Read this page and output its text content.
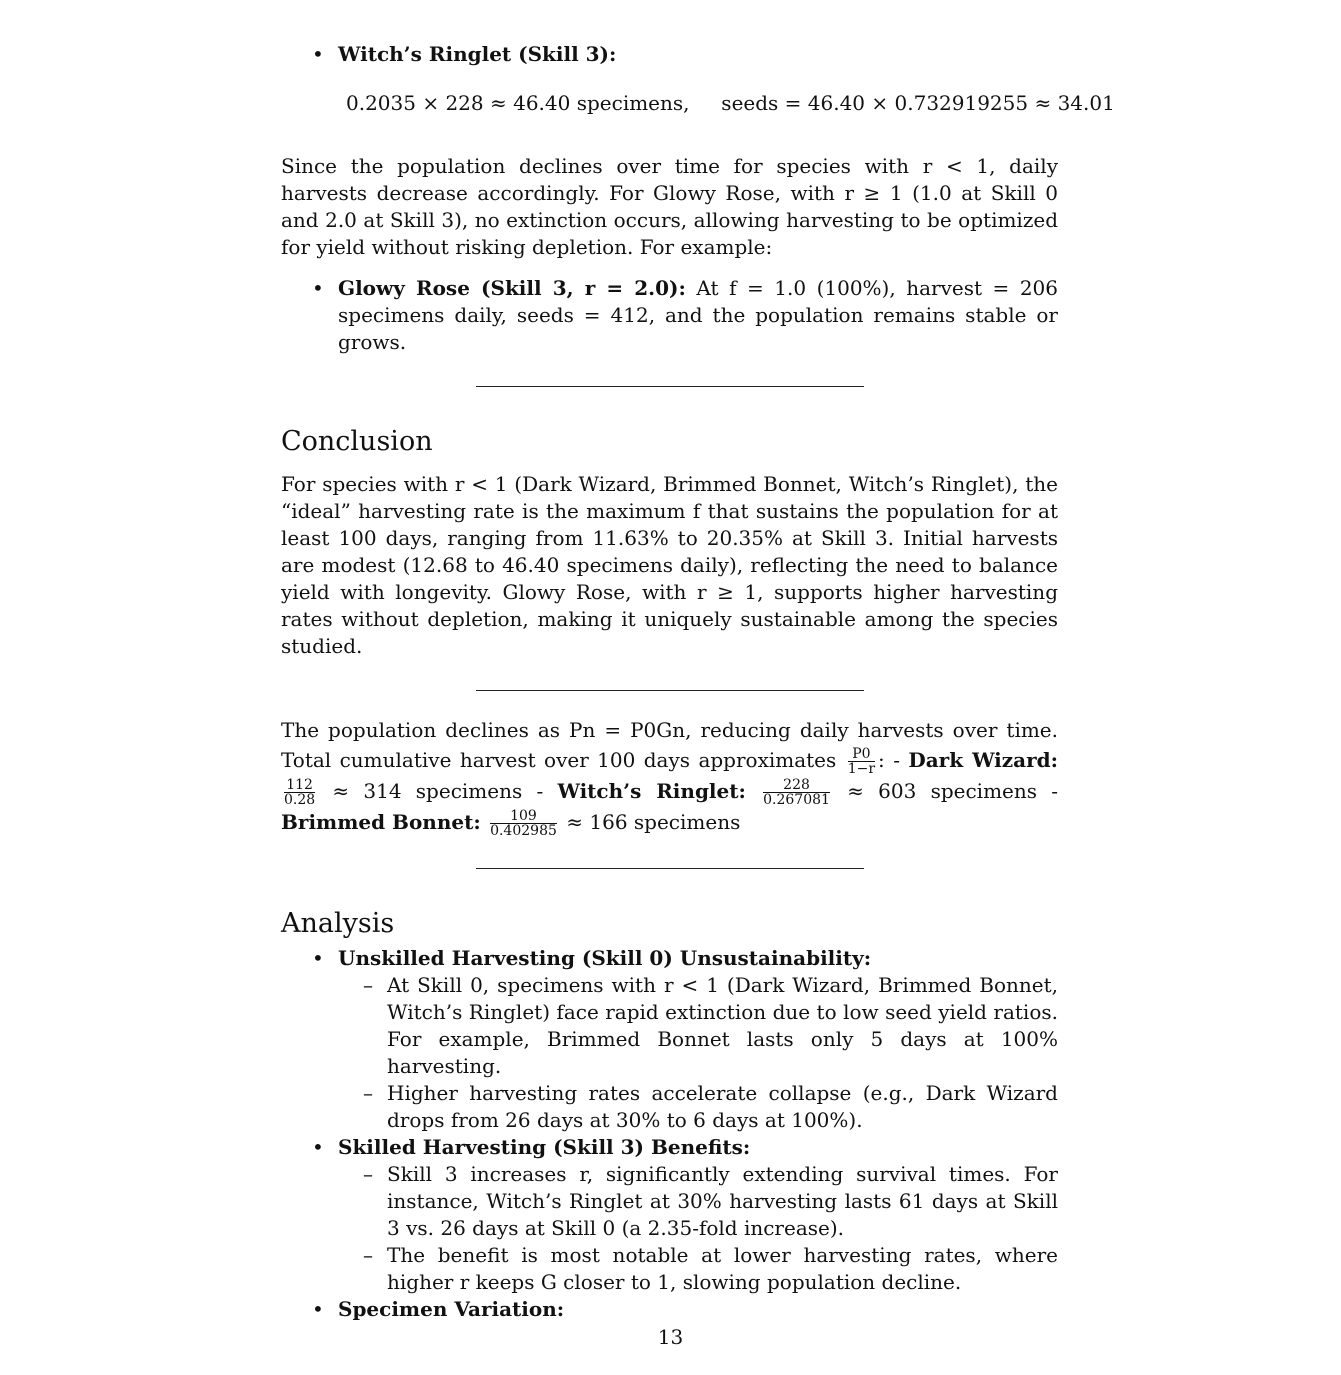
• Witch’s Ringlet (Skill 3):
0.2035 × 228 ≈ 46.40 specimens,     seeds = 46.40 × 0.732919255 ≈ 34.01

Since the population declines over time for species with r < 1, daily harvests decrease accordingly. For Glowy Rose, with r ≥ 1 (1.0 at Skill 0 and 2.0 at Skill 3), no extinction occurs, allowing harvesting to be optimized for yield without risking depletion. For example:

• Glowy Rose (Skill 3, r = 2.0): At f = 1.0 (100%), harvest = 206 specimens daily, seeds = 412, and the population remains stable or grows.
Conclusion

For species with r < 1 (Dark Wizard, Brimmed Bonnet, Witch’s Ringlet), the “ideal” harvesting rate is the maximum f that sustains the population for at least 100 days, ranging from 11.63% to 20.35% at Skill 3. Initial harvests are modest (12.68 to 46.40 specimens daily), reflecting the need to balance yield with longevity. Glowy Rose, with r ≥ 1, supports higher harvesting rates without depletion, making it uniquely sustainable among the species studied.

The population declines as Pn = P0Gn, reducing daily harvests over time. Total cumulative harvest over 100 days approximates $\frac{P0}{1-r}$ : - Dark Wizard:
$\frac{112}{0.28} \approx 314$ specimens - Witch’s Ringlet: $\frac{228}{0.267081} \approx 603$ specimens - Brimmed Bonnet: $\frac{109}{0.402985} \approx 166$ specimens

Analysis
• Unskilled Harvesting (Skill 0) Unsustainability:
– At Skill 0, specimens with r < 1 (Dark Wizard, Brimmed Bonnet, Witch’s Ringlet) face rapid extinction due to low seed yield ratios. For example, Brimmed Bonnet lasts only 5 days at 100% harvesting.
– Higher harvesting rates accelerate collapse (e.g., Dark Wizard drops from 26 days at 30% to 6 days at 100%).
• Skilled Harvesting (Skill 3) Benefits:
– Skill 3 increases r, significantly extending survival times. For instance, Witch’s Ringlet at 30% harvesting lasts 61 days at Skill 3 vs. 26 days at Skill 0 (a 2.35-fold increase).
– The benefit is most notable at lower harvesting rates, where higher r keeps G closer to 1, slowing population decline.
• Specimen Variation:
13
